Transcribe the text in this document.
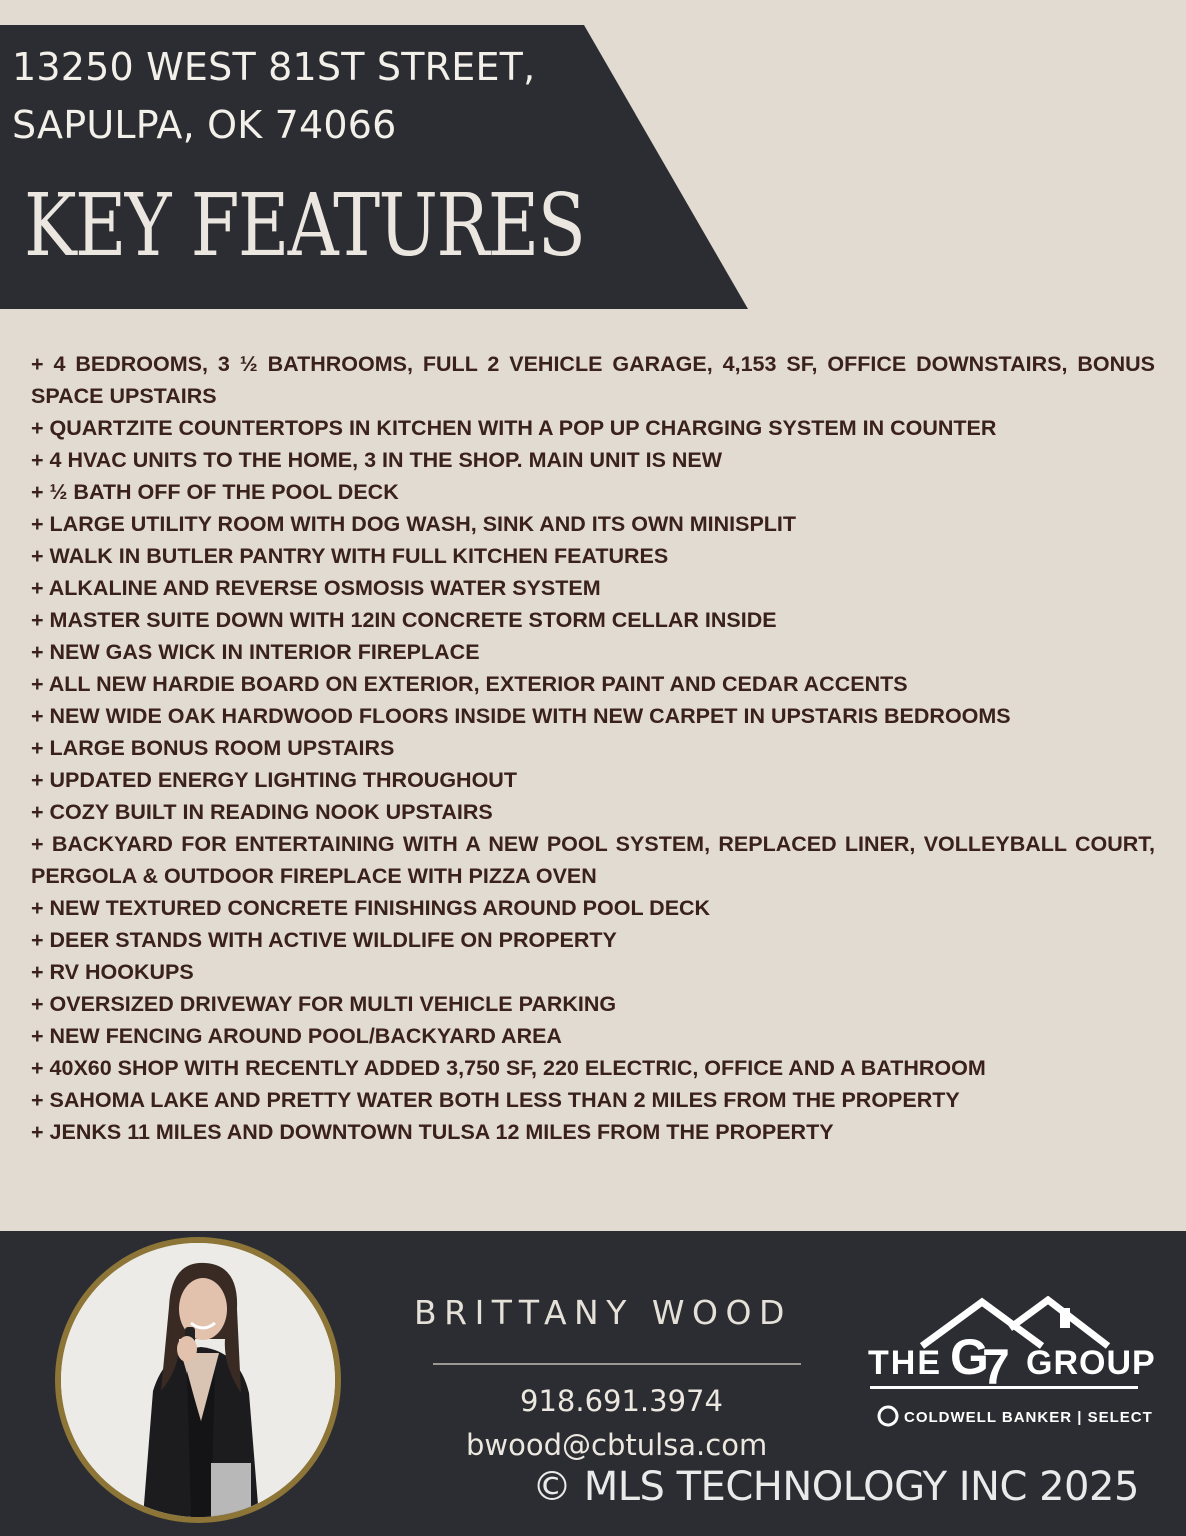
13250 WEST 81ST STREET,
SAPULPA, OK 74066
KEY FEATURES
+ 4 BEDROOMS, 3 ½ BATHROOMS, FULL 2 VEHICLE GARAGE, 4,153 SF, OFFICE DOWNSTAIRS, BONUS SPACE UPSTAIRS
+ QUARTZITE COUNTERTOPS IN KITCHEN WITH A POP UP CHARGING SYSTEM IN COUNTER
+ 4 HVAC UNITS TO THE HOME, 3 IN THE SHOP. MAIN UNIT IS NEW
+ ½ BATH OFF OF THE POOL DECK
+ LARGE UTILITY ROOM WITH DOG WASH, SINK AND ITS OWN MINISPLIT
+ WALK IN BUTLER PANTRY WITH FULL KITCHEN FEATURES
+ ALKALINE AND REVERSE OSMOSIS WATER SYSTEM
+ MASTER SUITE DOWN WITH 12IN CONCRETE STORM CELLAR INSIDE
+ NEW GAS WICK IN INTERIOR FIREPLACE
+ ALL NEW HARDIE BOARD ON EXTERIOR, EXTERIOR PAINT AND CEDAR ACCENTS
+ NEW WIDE OAK HARDWOOD FLOORS INSIDE WITH NEW CARPET IN UPSTARIS BEDROOMS
+ LARGE BONUS ROOM UPSTAIRS
+ UPDATED ENERGY LIGHTING THROUGHOUT
+ COZY BUILT IN READING NOOK UPSTAIRS
+ BACKYARD FOR ENTERTAINING WITH A NEW POOL SYSTEM, REPLACED LINER, VOLLEYBALL COURT, PERGOLA & OUTDOOR FIREPLACE WITH PIZZA OVEN
+ NEW TEXTURED CONCRETE FINISHINGS AROUND POOL DECK
+ DEER STANDS WITH ACTIVE WILDLIFE ON PROPERTY
+ RV HOOKUPS
+ OVERSIZED DRIVEWAY FOR MULTI VEHICLE PARKING
+ NEW FENCING AROUND POOL/BACKYARD AREA
+ 40X60 SHOP WITH RECENTLY ADDED 3,750 SF, 220 ELECTRIC, OFFICE AND A BATHROOM
+ SAHOMA LAKE AND PRETTY WATER BOTH LESS THAN 2 MILES FROM THE PROPERTY
+ JENKS 11 MILES AND DOWNTOWN TULSA 12 MILES FROM THE PROPERTY
BRITTANY WOOD
918.691.3974
bwood@cbtulsa.com
THE G
7 GROUP
COLDWELL BANKER | SELECT
© MLS TECHNOLOGY INC 2025
